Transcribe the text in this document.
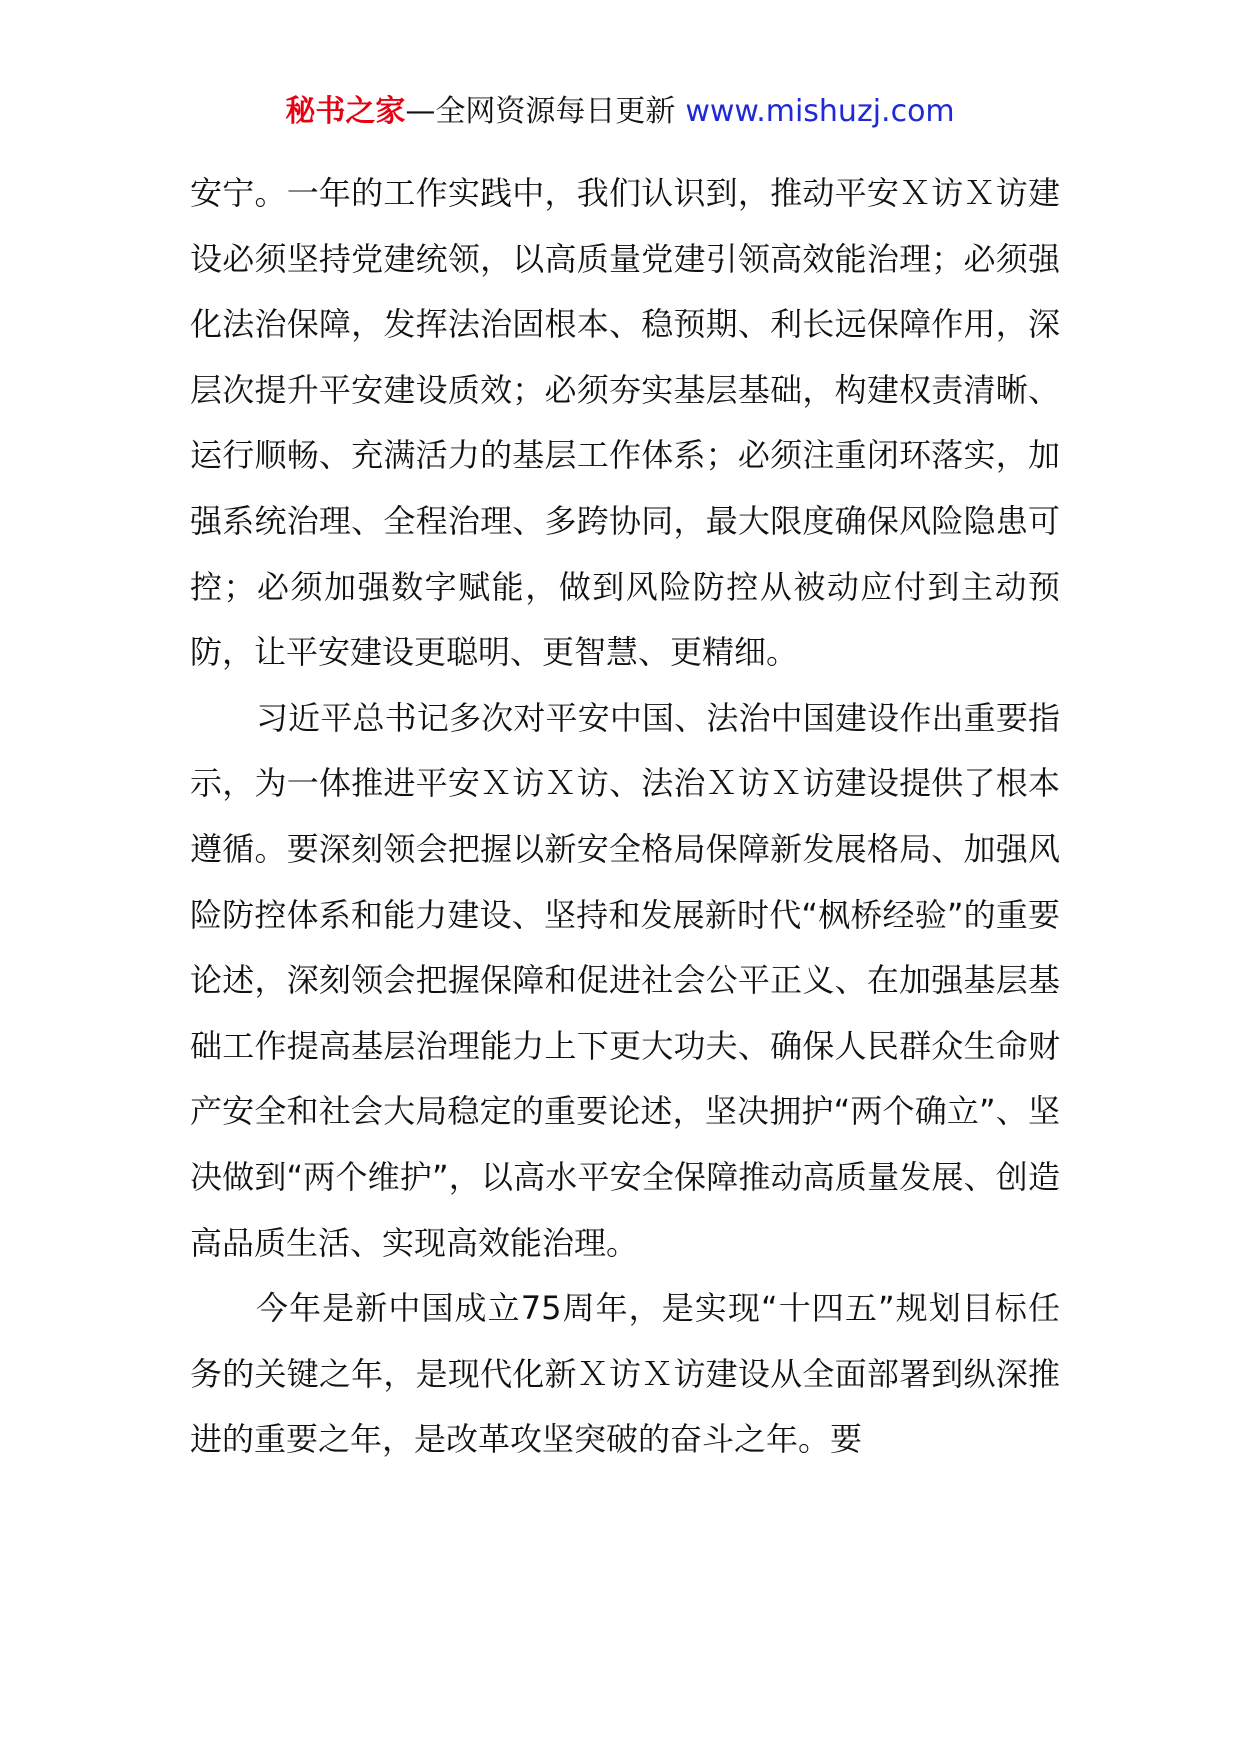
秘书之家—全网资源每日更新 www.mishuzj.com

安宁。一年的工作实践中，我们认识到，推动平安Ｘ访Ｘ访建设必须坚持党建统领，以高质量党建引领高效能治理；必须强化法治保障，发挥法治固根本、稳预期、利长远保障作用，深层次提升平安建设质效；必须夯实基层基础，构建权责清晰、运行顺畅、充满活力的基层工作体系；必须注重闭环落实，加强系统治理、全程治理、多跨协同，最大限度确保风险隐患可控；必须加强数字赋能，做到风险防控从被动应付到主动预防，让平安建设更聪明、更智慧、更精细。

习近平总书记多次对平安中国、法治中国建设作出重要指示，为一体推进平安Ｘ访Ｘ访、法治Ｘ访Ｘ访建设提供了根本遵循。要深刻领会把握以新安全格局保障新发展格局、加强风险防控体系和能力建设、坚持和发展新时代“枫桥经验”的重要论述，深刻领会把握保障和促进社会公平正义、在加强基层基础工作提高基层治理能力上下更大功夫、确保人民群众生命财产安全和社会大局稳定的重要论述，坚决拥护“两个确立”、坚决做到“两个维护”，以高水平安全保障推动高质量发展、创造高品质生活、实现高效能治理。

今年是新中国成立75周年，是实现“十四五”规划目标任务的关键之年，是现代化新Ｘ访Ｘ访建设从全面部署到纵深推进的重要之年，是改革攻坚突破的奋斗之年。要
